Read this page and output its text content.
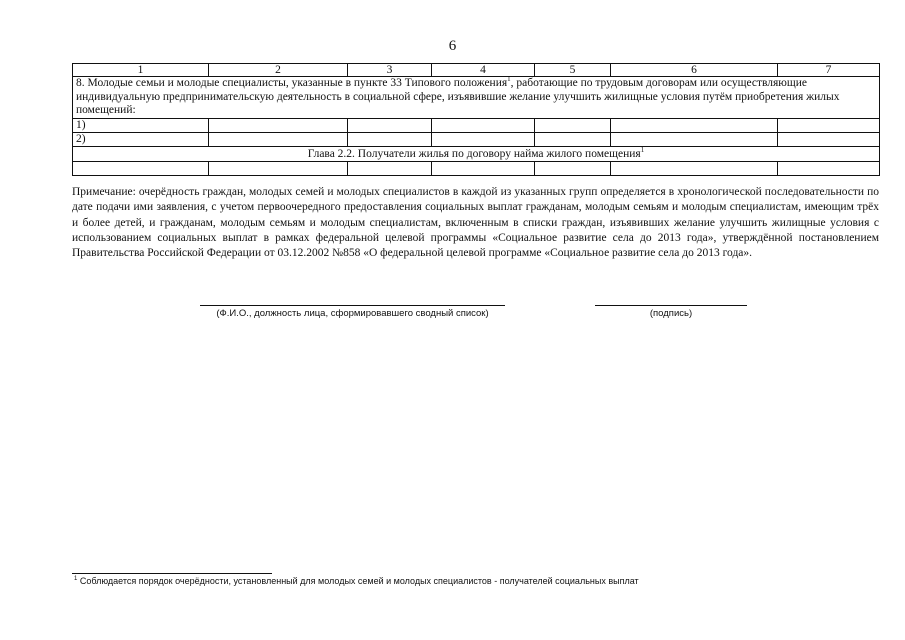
6
1	2	3	4	5	6	7
8. Молодые семьи и молодые специалисты, указанные в пункте 33 Типового положения$^1$, работающие по трудовым договорам или осуществляющие индивидуальную предпринимательскую деятельность в социальной сфере, изъявившие желание улучшить жилищные условия путём приобретения жилых помещений:						
1)						
2)						
Глава 2.2. Получатели жилья по договору найма жилого помещения$^1$

Примечание: очерёдность граждан, молодых семей и молодых специалистов в каждой из указанных групп определяется в хронологической последовательности по дате подачи ими заявления, с учетом первоочередного предоставления социальных выплат гражданам, молодым семьям и молодым специалистам, имеющим трёх и более детей, и гражданам, молодым семьям и молодым специалистам, включенным в списки граждан, изъявивших желание улучшить жилищные условия с использованием социальных выплат в рамках федеральной целевой программы «Социальное развитие села до 2013 года», утверждённой постановлением Правительства Российской Федерации от 03.12.2002 №858 «О федеральной целевой программе «Социальное развитие села до 2013 года».

(Ф.И.О., должность лица, сформировавшего сводный список)	(подпись)

$^1$ Соблюдается порядок очерёдности, установленный для молодых семей и молодых специалистов - получателей социальных выплат
